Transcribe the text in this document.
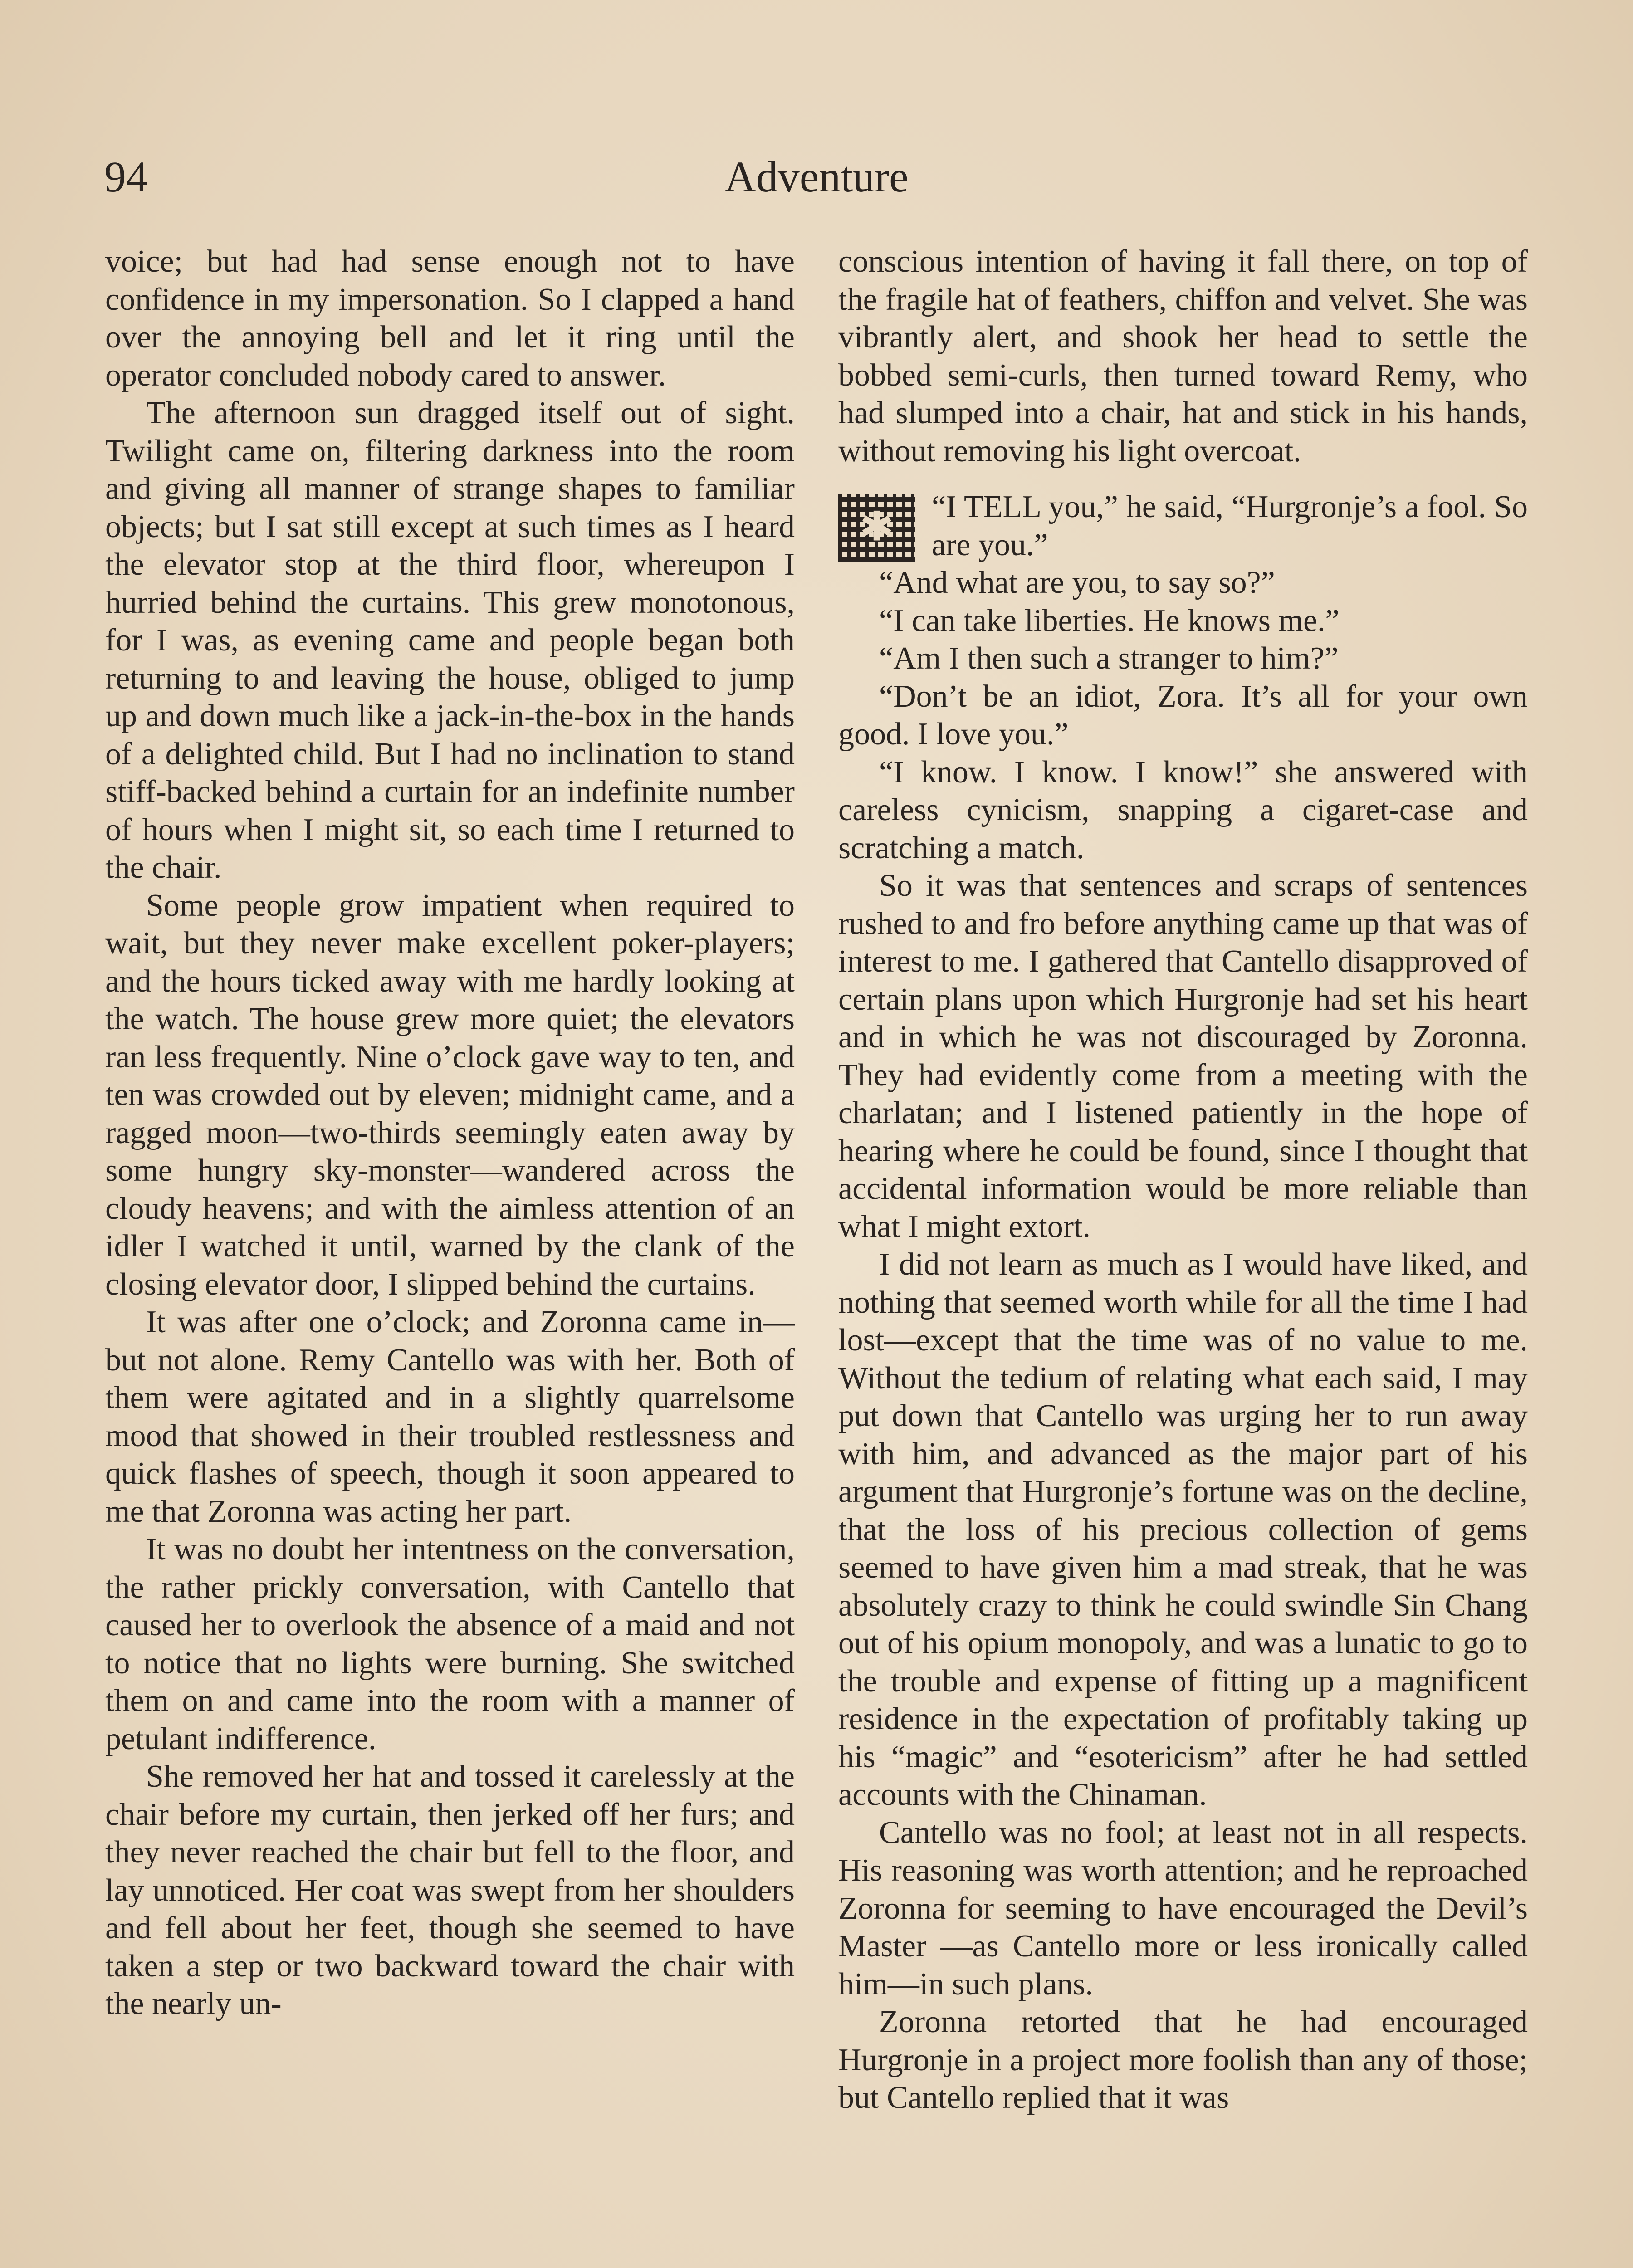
94	Adventure

voice; but had had sense enough not to have confidence in my impersonation. So I clapped a hand over the annoying bell and let it ring until the operator concluded nobody cared to answer.

The afternoon sun dragged itself out of sight. Twilight came on, filtering darkness into the room and giving all manner of strange shapes to familiar objects; but I sat still except at such times as I heard the elevator stop at the third floor, whereupon I hurried behind the curtains. This grew monotonous, for I was, as evening came and people began both returning to and leaving the house, obliged to jump up and down much like a jack-in-the-box in the hands of a delighted child. But I had no inclination to stand stiff-backed behind a curtain for an indefinite number of hours when I might sit, so each time I returned to the chair.

Some people grow impatient when required to wait, but they never make excellent poker-players; and the hours ticked away with me hardly looking at the watch. The house grew more quiet; the elevators ran less frequently. Nine o’clock gave way to ten, and ten was crowded out by eleven; midnight came, and a ragged moon—two-thirds seemingly eaten away by some hungry sky-monster—wandered across the cloudy heavens; and with the aimless attention of an idler I watched it until, warned by the clank of the closing elevator door, I slipped behind the curtains.

It was after one o’clock; and Zoronna came in—but not alone. Remy Cantello was with her. Both of them were agitated and in a slightly quarrelsome mood that showed in their troubled restlessness and quick flashes of speech, though it soon appeared to me that Zoronna was acting her part.

It was no doubt her intentness on the conversation, the rather prickly conversation, with Cantello that caused her to overlook the absence of a maid and not to notice that no lights were burning. She switched them on and came into the room with a manner of petulant indifference.

She removed her hat and tossed it carelessly at the chair before my curtain, then jerked off her furs; and they never reached the chair but fell to the floor, and lay unnoticed. Her coat was swept from her shoulders and fell about her feet, though she seemed to have taken a step or two backward toward the chair with the nearly un-

conscious intention of having it fall there, on top of the fragile hat of feathers, chiffon and velvet. She was vibrantly alert, and shook her head to settle the bobbed semi-curls, then turned toward Remy, who had slumped into a chair, hat and stick in his hands, without removing his light overcoat.

✱

“I TELL you,” he said, “Hurgronje’s a fool. So are you.”

“And what are you, to say so?”

“I can take liberties. He knows me.”

“Am I then such a stranger to him?”

“Don’t be an idiot, Zora. It’s all for your own good. I love you.”

“I know. I know. I know!” she answered with careless cynicism, snapping a cigaret-case and scratching a match.

So it was that sentences and scraps of sentences rushed to and fro before anything came up that was of interest to me. I gathered that Cantello disapproved of certain plans upon which Hurgronje had set his heart and in which he was not discouraged by Zoronna. They had evidently come from a meeting with the charlatan; and I listened patiently in the hope of hearing where he could be found, since I thought that accidental information would be more reliable than what I might extort.

I did not learn as much as I would have liked, and nothing that seemed worth while for all the time I had lost—except that the time was of no value to me. Without the tedium of relating what each said, I may put down that Cantello was urging her to run away with him, and advanced as the major part of his argument that Hurgronje’s fortune was on the decline, that the loss of his precious collection of gems seemed to have given him a mad streak, that he was absolutely crazy to think he could swindle Sin Chang out of his opium monopoly, and was a lunatic to go to the trouble and expense of fitting up a magnificent residence in the expectation of profitably taking up his “magic” and “esotericism” after he had settled accounts with the Chinaman.

Cantello was no fool; at least not in all respects. His reasoning was worth attention; and he reproached Zoronna for seeming to have encouraged the Devil’s Master —as Cantello more or less ironically called him—in such plans.

Zoronna retorted that he had encouraged Hurgronje in a project more foolish than any of those; but Cantello replied that it was
